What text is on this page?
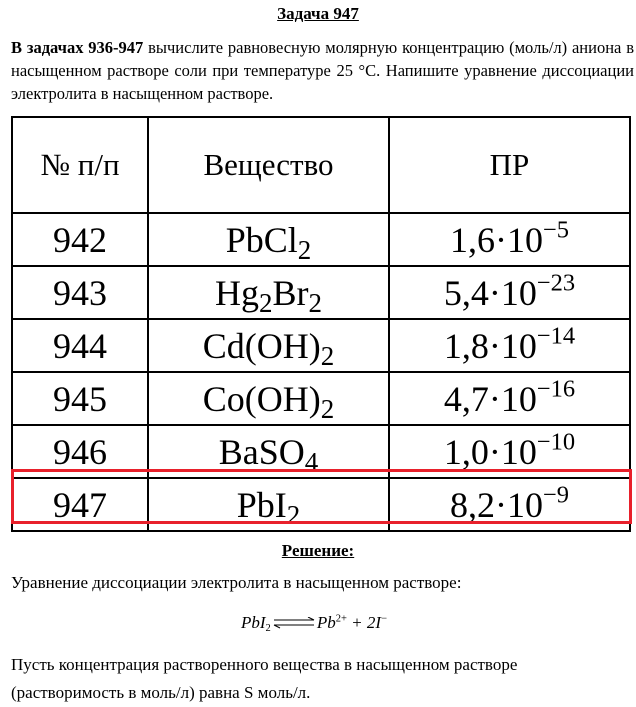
Задача 947
В задачах 936-947 вычислите равновесную молярную концентрацию (моль/л) аниона в насыщенном растворе соли при температуре 25 °С. Напишите уравнение диссоциации электролита в насыщенном растворе.
№ п/п	Вещество	ПР
942	PbCl$_2$	$1,6\cdot 10^{-5}$
943	$Hg_2Br_2$	$5,4\cdot 10^{-23}$
944	$Cd(OH)_2$	$1,8\cdot 10^{-14}$
945	$Co(OH)_2$	$4,7\cdot 10^{-16}$
946	BaSO$_4$	$1,0\cdot 10^{-10}$
947	PbI$_2$	$8,2\cdot 10^{-9}$
Решение:
Уравнение диссоциации электролита в насыщенном растворе:
$PbI_2\rightleftharpoons Pb^{2+} + 2I^-$
Пусть концентрация растворенного вещества в насыщенном растворе (растворимость в моль/л) равна S моль/л.
